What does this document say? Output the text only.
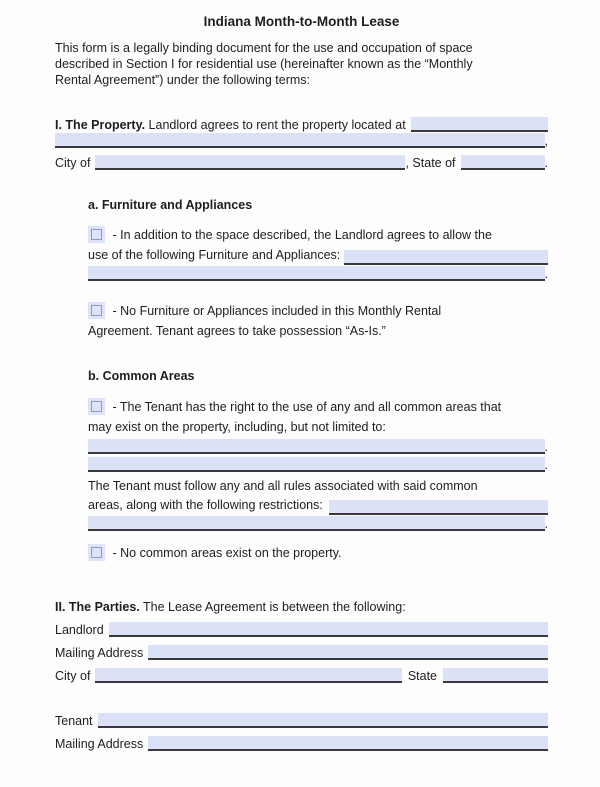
Indiana Month-to-Month Lease
This form is a legally binding document for the use and occupation of space
described in Section I for residential use (hereinafter known as the “Monthly
Rental Agreement”) under the following terms:
I. The Property. Landlord agrees to rent the property located at
,
City of	, State of	.
a. Furniture and Appliances
- In addition to the space described, the Landlord agrees to allow the
use of the following Furniture and Appliances:
.
- No Furniture or Appliances included in this Monthly Rental
Agreement. Tenant agrees to take possession “As-Is.”
b. Common Areas
- The Tenant has the right to the use of any and all common areas that
may exist on the property, including, but not limited to:
.
.
The Tenant must follow any and all rules associated with said common
areas, along with the following restrictions:
.
- No common areas exist on the property.
II. The Parties. The Lease Agreement is between the following:
Landlord
Mailing Address
City of	State
Tenant
Mailing Address
